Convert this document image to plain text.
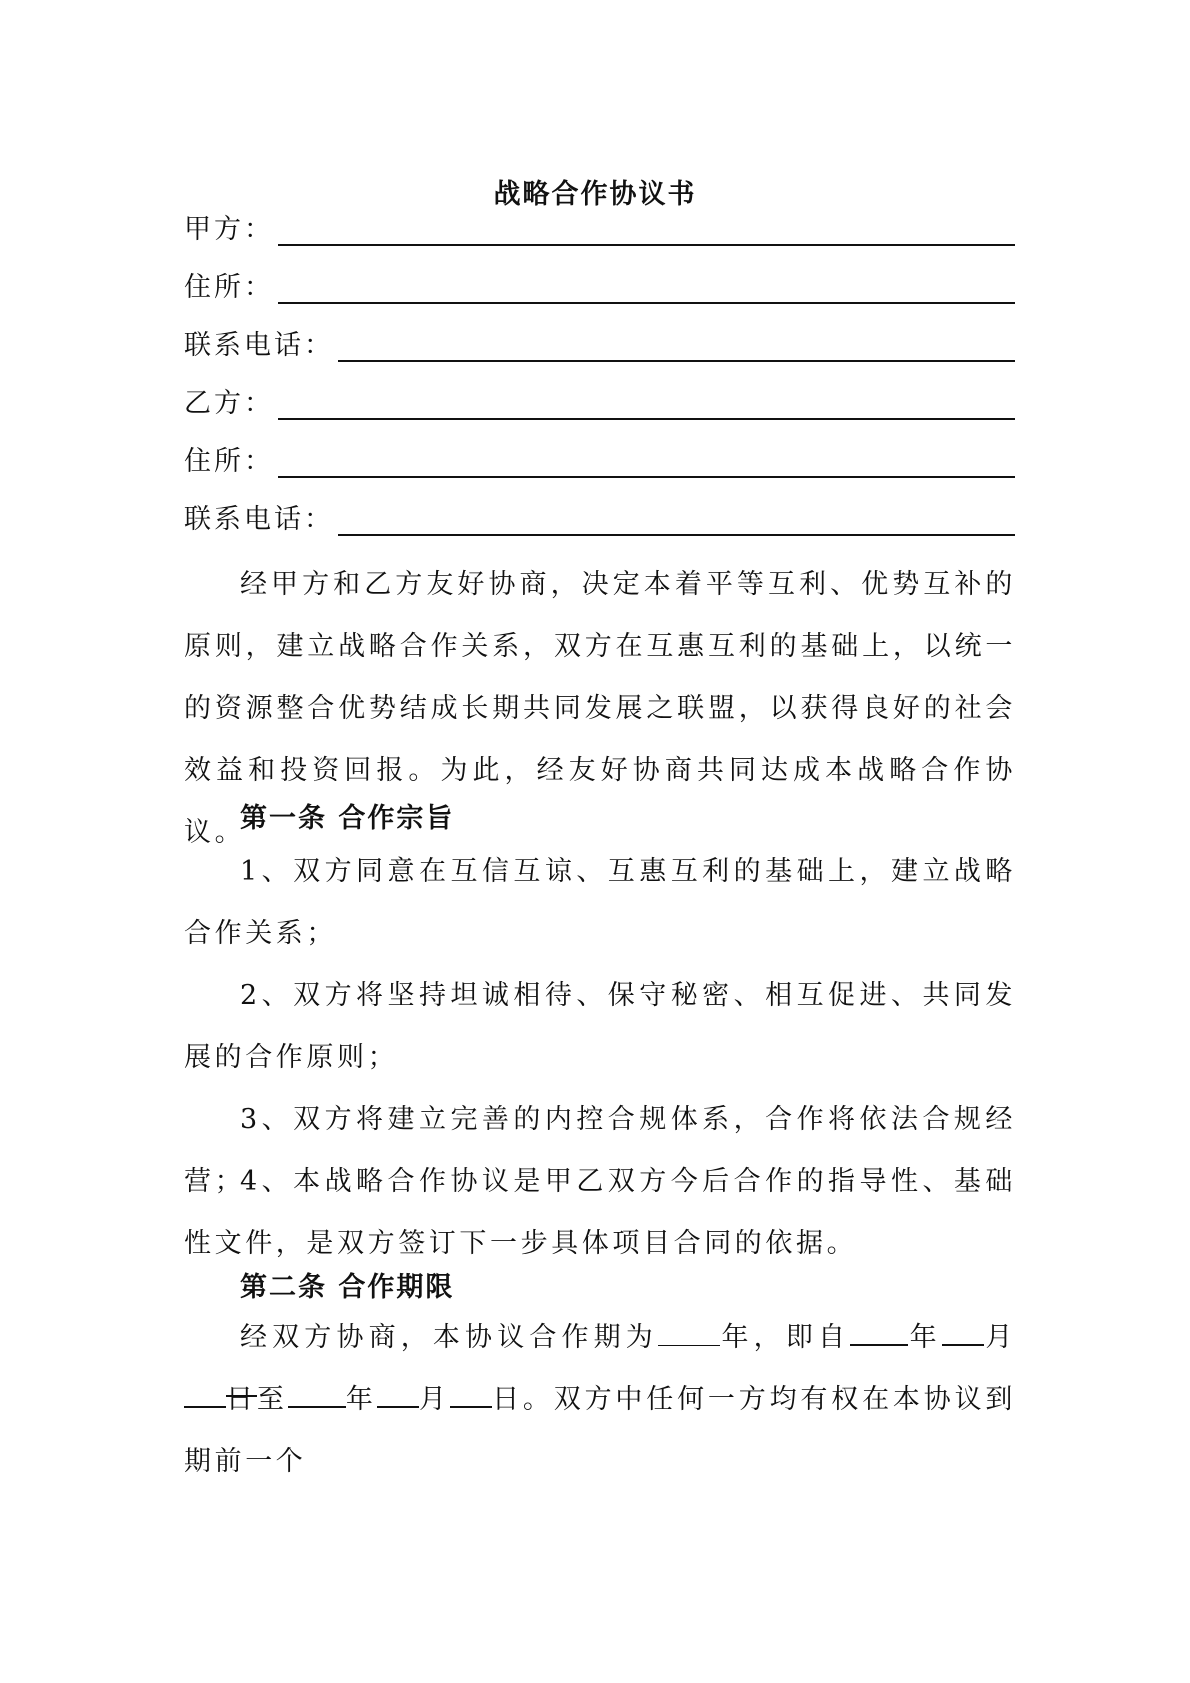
战略合作协议书
甲方：
住所：
联系电话：
乙方：
住所：
联系电话：

经甲方和乙方友好协商，决定本着平等互利、优势互补的原则，建立战略合作关系，双方在互惠互利的基础上，以统一的资源整合优势结成长期共同发展之联盟，以获得良好的社会效益和投资回报。为此，经友好协商共同达成本战略合作协议。

第一条 合作宗旨

1、双方同意在互信互谅、互惠互利的基础上，建立战略合作关系；

2、双方将坚持坦诚相待、保守秘密、相互促进、共同发展的合作原则；

3、双方将建立完善的内控合规体系，合作将依法合规经营；

4、本战略合作协议是甲乙双方今后合作的指导性、基础性文件，是双方签订下一步具体项目合同的依据。

第二条 合作期限

经双方协商，本协议合作期为 年，即自 年 月日至 年 月 日。双方中任何一方均有权在本协议到期前一个
